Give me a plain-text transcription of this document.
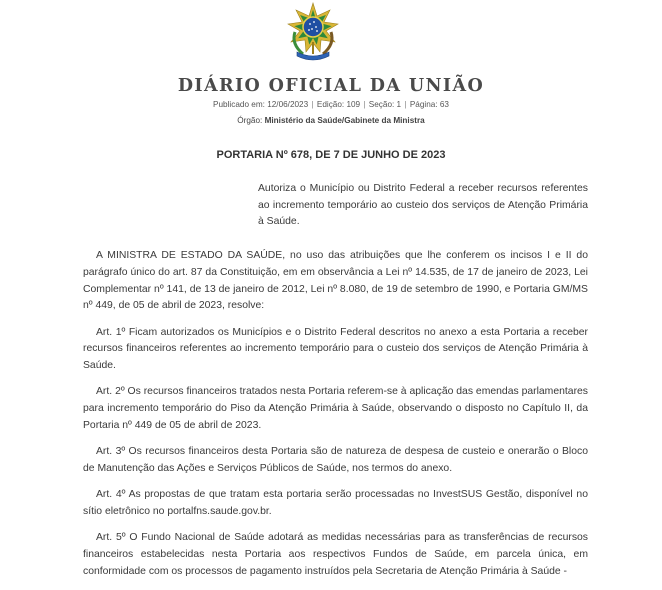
DIÁRIO OFICIAL DA UNIÃO
Publicado em: 12/06/2023 | Edição: 109 | Seção: 1 | Página: 63
Órgão: Ministério da Saúde/Gabinete da Ministra
PORTARIA Nº 678, DE 7 DE JUNHO DE 2023
Autoriza o Município ou Distrito Federal a receber recursos referentes ao incremento temporário ao custeio dos serviços de Atenção Primária à Saúde.

A MINISTRA DE ESTADO DA SAÚDE, no uso das atribuições que lhe conferem os incisos I e II do parágrafo único do art. 87 da Constituição, em em observância a Lei nº 14.535, de 17 de janeiro de 2023, Lei Complementar nº 141, de 13 de janeiro de 2012, Lei nº 8.080, de 19 de setembro de 1990, e Portaria GM/MS nº 449, de 05 de abril de 2023, resolve:

Art. 1º Ficam autorizados os Municípios e o Distrito Federal descritos no anexo a esta Portaria a receber recursos financeiros referentes ao incremento temporário para o custeio dos serviços de Atenção Primária à Saúde.

Art. 2º Os recursos financeiros tratados nesta Portaria referem-se à aplicação das emendas parlamentares para incremento temporário do Piso da Atenção Primária à Saúde, observando o disposto no Capítulo II, da Portaria nº 449 de 05 de abril de 2023.

Art. 3º Os recursos financeiros desta Portaria são de natureza de despesa de custeio e onerarão o Bloco de Manutenção das Ações e Serviços Públicos de Saúde, nos termos do anexo.

Art. 4º As propostas de que tratam esta portaria serão processadas no InvestSUS Gestão, disponível no sítio eletrônico no portalfns.saude.gov.br.

Art. 5º O Fundo Nacional de Saúde adotará as medidas necessárias para as transferências de recursos financeiros estabelecidas nesta Portaria aos respectivos Fundos de Saúde, em parcela única, em conformidade com os processos de pagamento instruídos pela Secretaria de Atenção Primária à Saúde -
